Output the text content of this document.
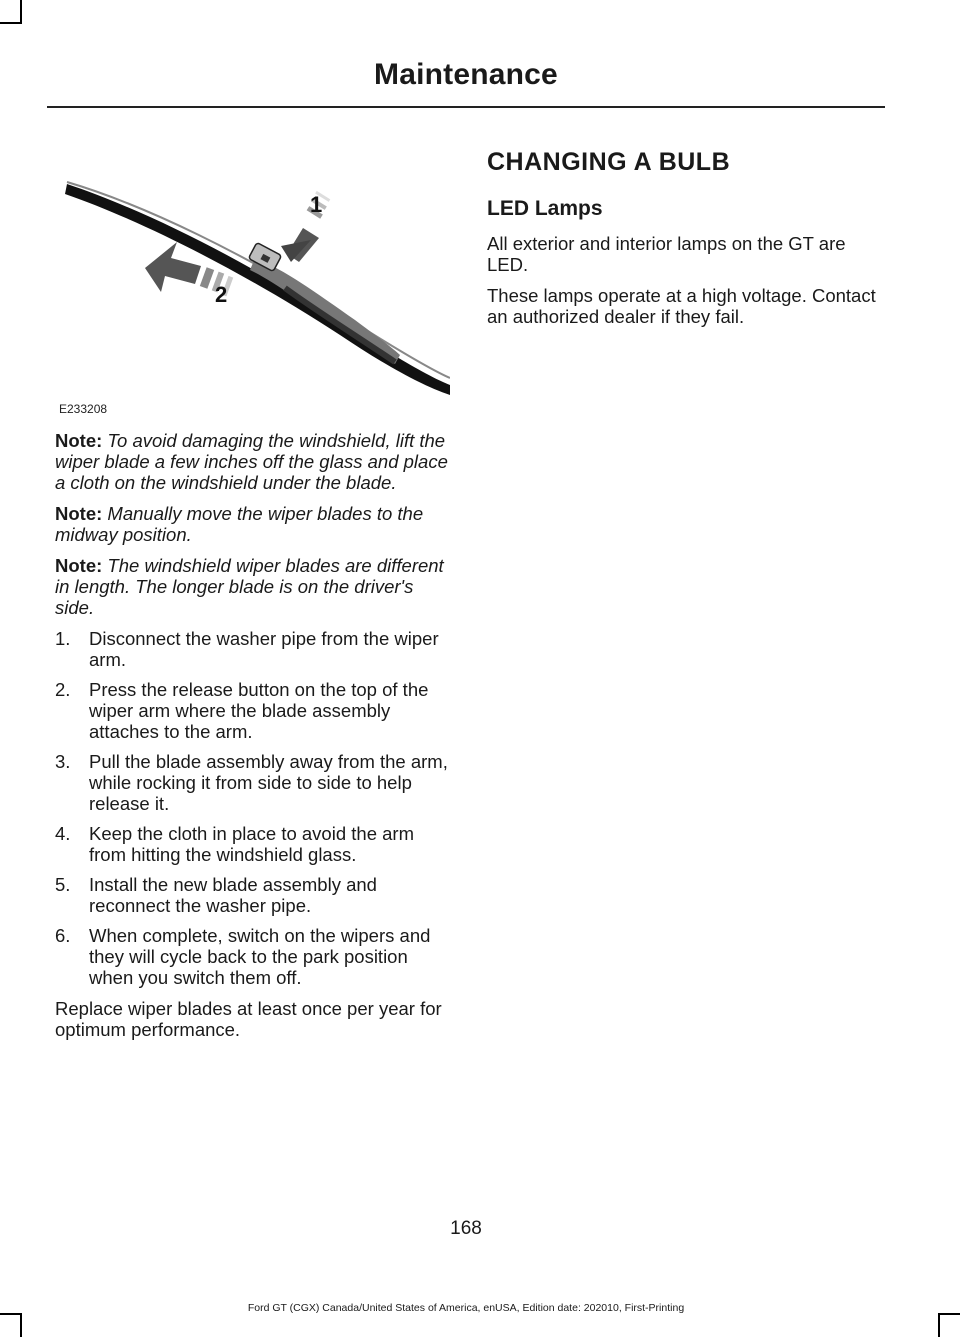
Maintenance
1
2
E233208

Note: To avoid damaging the windshield, lift the wiper blade a few inches off the glass and place a cloth on the windshield under the blade.

Note: Manually move the wiper blades to the midway position.

Note: The windshield wiper blades are different in length. The longer blade is on the driver's side.

1. Disconnect the washer pipe from the wiper arm.
2. Press the release button on the top of the wiper arm where the blade assembly attaches to the arm.
3. Pull the blade assembly away from the arm, while rocking it from side to side to help release it.
4. Keep the cloth in place to avoid the arm from hitting the windshield glass.
5. Install the new blade assembly and reconnect the washer pipe.
6. When complete, switch on the wipers and they will cycle back to the park position when you switch them off.

Replace wiper blades at least once per year for optimum performance.

CHANGING A BULB
LED Lamps

All exterior and interior lamps on the GT are LED.

These lamps operate at a high voltage. Contact an authorized dealer if they fail.

168
Ford GT (CGX) Canada/United States of America, enUSA, Edition date: 202010, First-Printing
